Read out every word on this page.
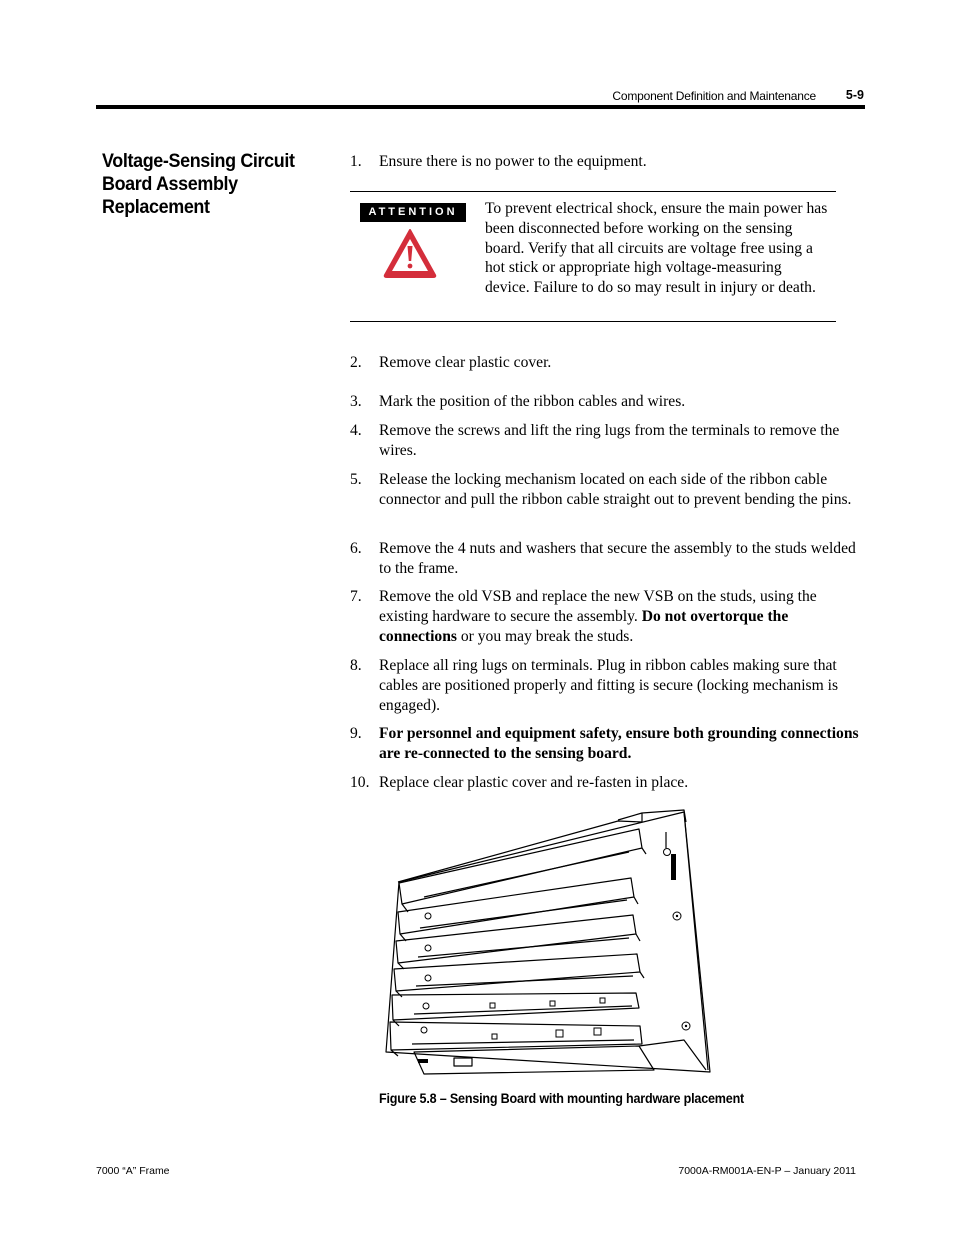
Component Definition and Maintenance	5-9
Voltage-Sensing Circuit Board Assembly Replacement
1. Ensure there is no power to the equipment.
ATTENTION	To prevent electrical shock, ensure the main power has been disconnected before working on the sensing board. Verify that all circuits are voltage free using a hot stick or appropriate high voltage-measuring device. Failure to do so may result in injury or death.
2. Remove clear plastic cover.
3. Mark the position of the ribbon cables and wires.
4. Remove the screws and lift the ring lugs from the terminals to remove the wires.
5. Release the locking mechanism located on each side of the ribbon cable connector and pull the ribbon cable straight out to prevent bending the pins.
6. Remove the 4 nuts and washers that secure the assembly to the studs welded to the frame.
7. Remove the old VSB and replace the new VSB on the studs, using the existing hardware to secure the assembly. Do not overtorque the connections or you may break the studs.
8. Replace all ring lugs on terminals. Plug in ribbon cables making sure that cables are positioned properly and fitting is secure (locking mechanism is engaged).
9. For personnel and equipment safety, ensure both grounding connections are re-connected to the sensing board.
10. Replace clear plastic cover and re-fasten in place.
Figure 5.8 – Sensing Board with mounting hardware placement
7000 “A” Frame	7000A-RM001A-EN-P – January 2011
